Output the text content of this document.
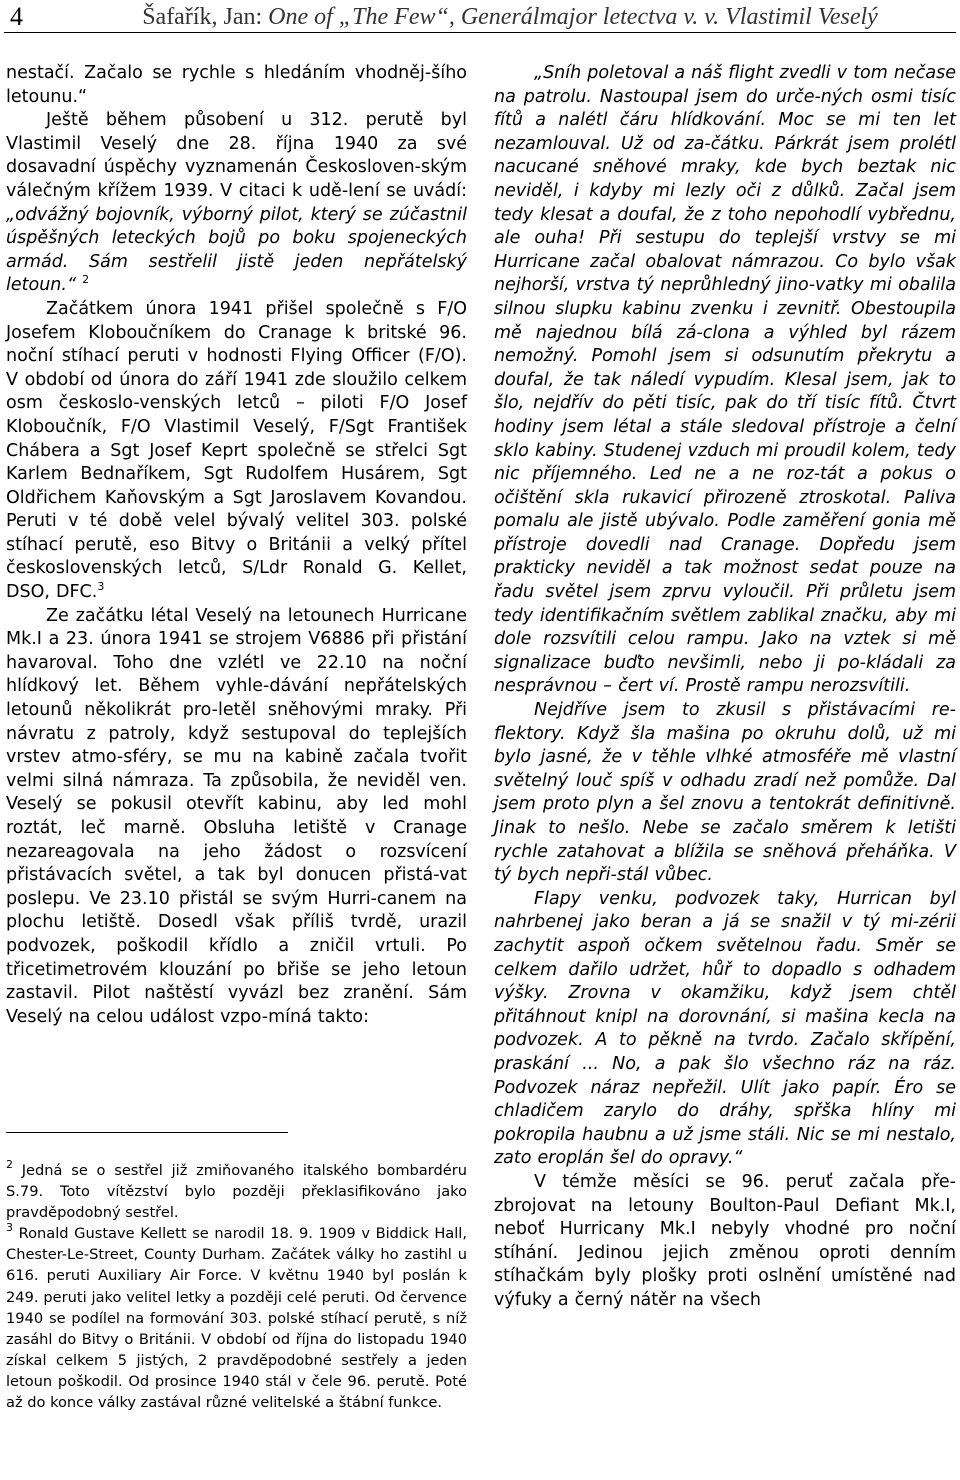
4	Šafařík, Jan: One of „The Few“, Generálmajor letectva v. v. Vlastimil Veselý

nestačí. Začalo se rychle s hledáním vhodněj-šího letounu.“

Ještě během působení u 312. perutě byl Vlastimil Veselý dne 28. října 1940 za své dosavadní úspěchy vyznamenán Českosloven-ským válečným křížem 1939. V citaci k udě-lení se uvádí: „odvážný bojovník, výborný pilot, který se zúčastnil úspěšných leteckých bojů po boku spojeneckých armád. Sám sestřelil jistě jeden nepřátelský letoun.“ $^2$

Začátkem února 1941 přišel společně s F/O Josefem Kloboučníkem do Cranage k britské 96. noční stíhací peruti v hodnosti Flying Officer (F/O). V období od února do září 1941 zde sloužilo celkem osm českoslo-venských letců – piloti F/O Josef Kloboučník, F/O Vlastimil Veselý, F/Sgt František Chábera a Sgt Josef Keprt společně se střelci Sgt Karlem Bednaříkem, Sgt Rudolfem Husárem, Sgt Oldřichem Kaňovským a Sgt Jaroslavem Kovandou. Peruti v té době velel bývalý velitel 303. polské stíhací perutě, eso Bitvy o Británii a velký přítel československých letců, S/Ldr Ronald G. Kellet, DSO, DFC.$^3$

Ze začátku létal Veselý na letounech Hurricane Mk.I a 23. února 1941 se strojem V6886 při přistání havaroval. Toho dne vzlétl ve 22.10 na noční hlídkový let. Během vyhle-dávání nepřátelských letounů několikrát pro-letěl sněhovými mraky. Při návratu z patroly, když sestupoval do teplejších vrstev atmo-sféry, se mu na kabině začala tvořit velmi silná námraza. Ta způsobila, že neviděl ven. Veselý se pokusil otevřít kabinu, aby led mohl roztát, leč marně. Obsluha letiště v Cranage nezareagovala na jeho žádost o rozsvícení přistávacích světel, a tak byl donucen přistá-vat poslepu. Ve 23.10 přistál se svým Hurri-canem na plochu letiště. Dosedl však příliš tvrdě, urazil podvozek, poškodil křídlo a zničil vrtuli. Po třicetimetrovém klouzání po břiše se jeho letoun zastavil. Pilot naštěstí vyvázl bez zranění. Sám Veselý na celou událost vzpo-míná takto:

$^2$ Jedná se o sestřel již zmiňovaného italského bombardéru S.79. Toto vítězství bylo později překlasifikováno jako pravděpodobný sestřel.

$^3$ Ronald Gustave Kellett se narodil 18. 9. 1909 v Biddick Hall, Chester-Le-Street, County Durham. Začátek války ho zastihl u 616. peruti Auxiliary Air Force. V květnu 1940 byl poslán k 249. peruti jako velitel letky a později celé peruti. Od července 1940 se podílel na formování 303. polské stíhací perutě, s níž zasáhl do Bitvy o Británii. V období od října do listopadu 1940 získal celkem 5 jistých, 2 pravděpodobné sestřely a jeden letoun poškodil. Od prosince 1940 stál v čele 96. perutě. Poté až do konce války zastával různé velitelské a štábní funkce.

„Sníh poletoval a náš flight zvedli v tom nečase na patrolu. Nastoupal jsem do urče-ných osmi tisíc fítů a nalétl čáru hlídkování. Moc se mi ten let nezamlouval. Už od za-čátku. Párkrát jsem prolétl nacucané sněhové mraky, kde bych beztak nic neviděl, i kdyby mi lezly oči z důlků. Začal jsem tedy klesat a doufal, že z toho nepohodlí vybřednu, ale ouha! Při sestupu do teplejší vrstvy se mi Hurricane začal obalovat námrazou. Co bylo však nejhorší, vrstva tý neprůhledný jino-vatky mi obalila silnou slupku kabinu zvenku i zevnitř. Obestoupila mě najednou bílá zá-clona a výhled byl rázem nemožný. Pomohl jsem si odsunutím překrytu a doufal, že tak náledí vypudím. Klesal jsem, jak to šlo, nejdřív do pěti tisíc, pak do tří tisíc fítů. Čtvrt hodiny jsem létal a stále sledoval přístroje a čelní sklo kabiny. Studenej vzduch mi proudil kolem, tedy nic příjemného. Led ne a ne roz-tát a pokus o očištění skla rukavicí přirozeně ztroskotal. Paliva pomalu ale jistě ubývalo. Podle zaměření gonia mě přístroje dovedli nad Cranage. Dopředu jsem prakticky neviděl a tak možnost sedat pouze na řadu světel jsem zprvu vyloučil. Při průletu jsem tedy identifikačním světlem zablikal značku, aby mi dole rozsvítili celou rampu. Jako na vztek si mě signalizace buďto nevšimli, nebo ji po-kládali za nesprávnou – čert ví. Prostě rampu nerozsvítili.

Nejdříve jsem to zkusil s přistávacími re-flektory. Když šla mašina po okruhu dolů, už mi bylo jasné, že v těhle vlhké atmosféře mě vlastní světelný louč spíš v odhadu zradí než pomůže. Dal jsem proto plyn a šel znovu a tentokrát definitivně. Jinak to nešlo. Nebe se začalo směrem k letišti rychle zatahovat a blížila se sněhová přeháňka. V tý bych nepři-stál vůbec.

Flapy venku, podvozek taky, Hurrican byl nahrbenej jako beran a já se snažil v tý mi-zérii zachytit aspoň očkem světelnou řadu. Směr se celkem dařilo udržet, hůř to dopadlo s odhadem výšky. Zrovna v okamžiku, když jsem chtěl přitáhnout knipl na dorovnání, si mašina kecla na podvozek. A to pěkně na tvrdo. Začalo skřípění, praskání ... No, a pak šlo všechno ráz na ráz. Podvozek náraz nepřežil. Ulít jako papír. Éro se chladičem zarylo do dráhy, spřška hlíny mi pokropila haubnu a už jsme stáli. Nic se mi nestalo, zato eroplán šel do opravy.“

V témže měsíci se 96. peruť začala pře-zbrojovat na letouny Boulton-Paul Defiant Mk.I, neboť Hurricany Mk.I nebyly vhodné pro noční stíhání. Jedinou jejich změnou oproti denním stíhačkám byly plošky proti oslnění umístěné nad výfuky a černý nátěr na všech
